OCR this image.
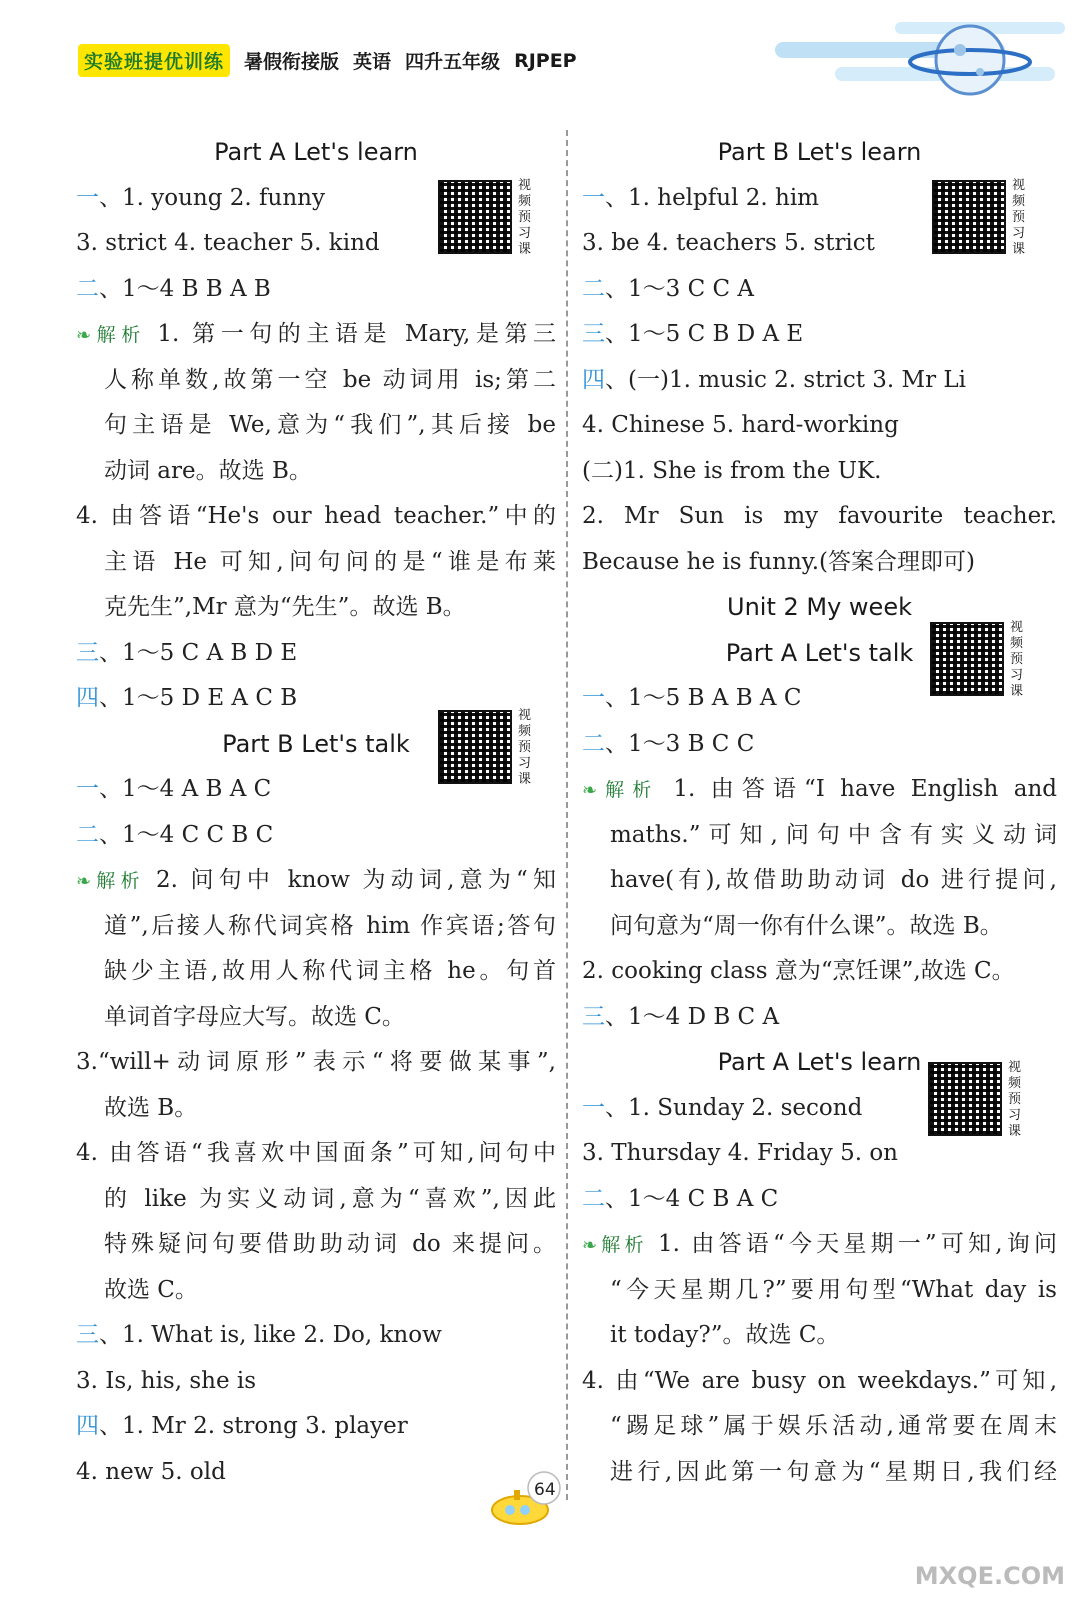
实验班提优训练	暑假衔接版 英语 四升五年级 RJPEP
Part A Let's learn
一、1. young 2. funny
3. strict 4. teacher 5. kind
二、1～4 B B A B
❧解析 1. 第一句的主语是 Mary,是第三
人称单数,故第一空 be 动词用 is;第二
句主语是 We,意为“我们”,其后接 be
动词 are。故选 B。
4. 由答语“He's our head teacher.”中的
主语 He 可知,问句问的是“谁是布莱
克先生”,Mr 意为“先生”。故选 B。
三、1～5 C A B D E
四、1～5 D E A C B
Part B Let's talk
一、1～4 A B A C
二、1～4 C C B C
❧解析 2. 问句中 know 为动词,意为“知
道”,后接人称代词宾格 him 作宾语;答句
缺少主语,故用人称代词主格 he。句首
单词首字母应大写。故选 C。
3.“will+动词原形”表示“将要做某事”,
故选 B。
4. 由答语“我喜欢中国面条”可知,问句中
的 like 为实义动词,意为“喜欢”,因此
特殊疑问句要借助助动词 do 来提问。
故选 C。
三、1. What is, like 2. Do, know
3. Is, his, she is
四、1. Mr 2. strong 3. player
4. new 5. old
Part B Let's learn
一、1. helpful 2. him
3. be 4. teachers 5. strict
二、1～3 C C A
三、1～5 C B D A E
四、(一)1. music 2. strict 3. Mr Li
4. Chinese 5. hard-working
(二)1. She is from the UK.
2. Mr Sun is my favourite teacher.
Because he is funny.(答案合理即可)
Unit 2 My week
Part A Let's talk
一、1～5 B A B A C
二、1～3 B C C
❧解析 1. 由答语“I have English and
maths.”可知,问句中含有实义动词
have(有),故借助助动词 do 进行提问,
问句意为“周一你有什么课”。故选 B。
2. cooking class 意为“烹饪课”,故选 C。
三、1～4 D B C A
Part A Let's learn
一、1. Sunday 2. second
3. Thursday 4. Friday 5. on
二、1～4 C B A C
❧解析 1. 由答语“今天星期一”可知,询问
“今天星期几?”要用句型“What day is
it today?”。故选 C。
4. 由“We are busy on weekdays.”可知,
“踢足球”属于娱乐活动,通常要在周末
进行,因此第一句意为“星期日,我们经
视
频
预
习
课
视
频
预
习
课
视
频
预
习
课
视
频
预
习
课
视
频
预
习
课
64
MXQE.COM
